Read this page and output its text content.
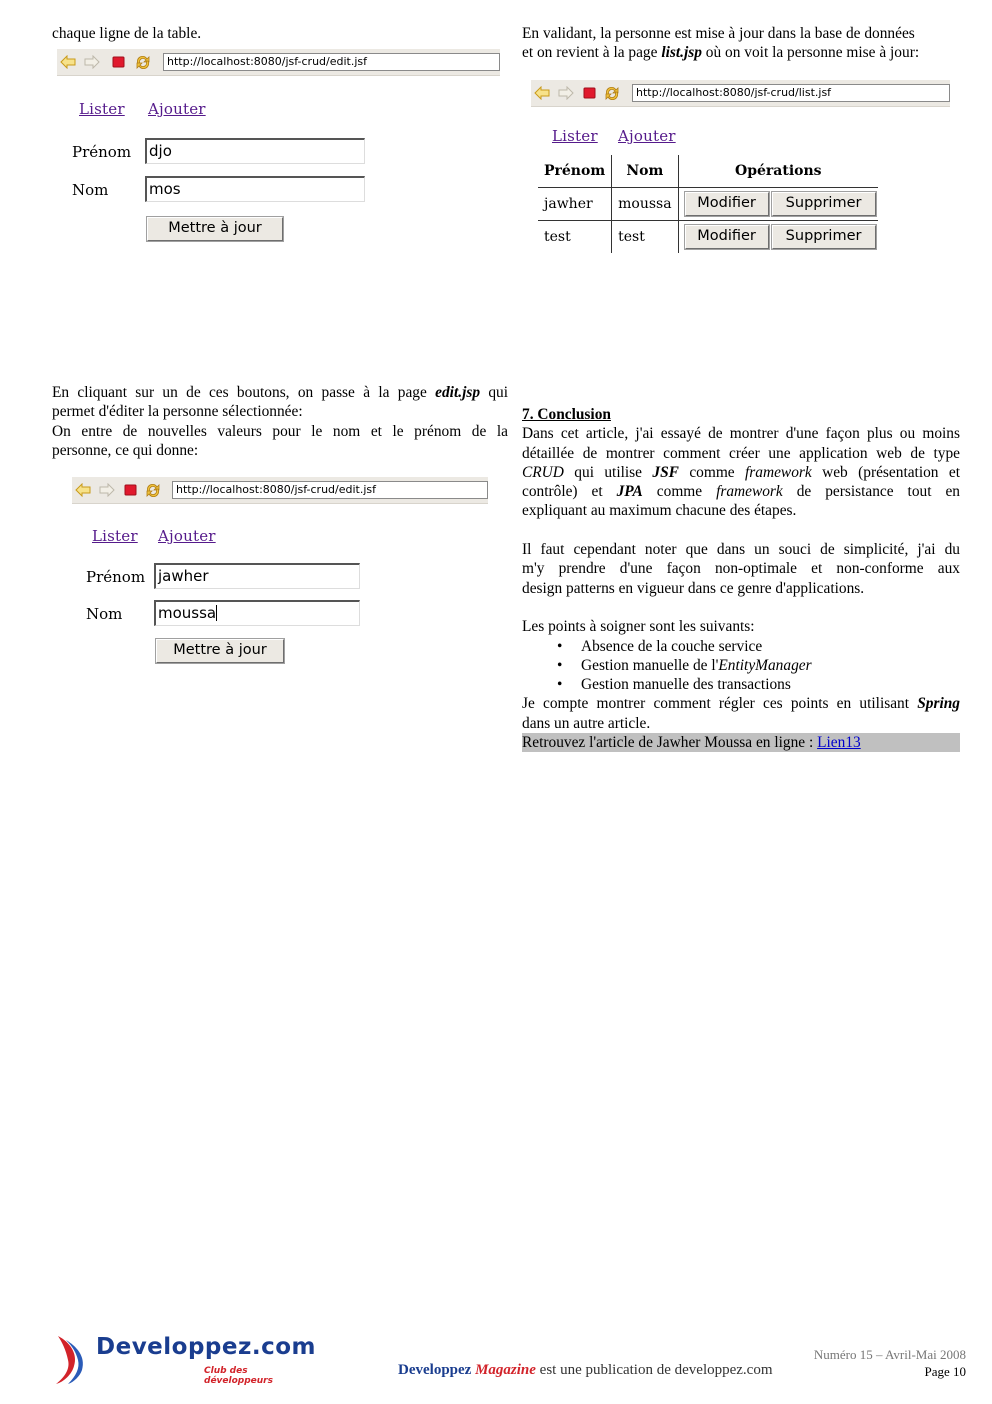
chaque ligne de la table.
http://localhost:8080/jsf-crud/edit.jsf
Lister Ajouter
Prénom djo
Nom	mos
Mettre à jour
En cliquant sur un de ces boutons, on passe à la page edit.jsp qui
permet d'éditer la personne sélectionnée:
On entre de nouvelles valeurs pour le nom et le prénom de la
personne, ce qui donne:
http://localhost:8080/jsf-crud/edit.jsf
Lister Ajouter
Prénom jawher
Nom moussa
Mettre à jour
En validant, la personne est mise à jour dans la base de données
et on revient à la page list.jsp où on voit la personne mise à jour:
http://localhost:8080/jsf-crud/list.jsf
Lister Ajouter
Prénom	Nom	Opérations
jawher	moussa	Modifier Supprimer

test	test	Modifier Supprimer
7. Conclusion
Dans cet article, j'ai essayé de montrer d'une façon plus ou moins
détaillée de montrer comment créer une application web de type
CRUD qui utilise JSF comme framework web (présentation et
contrôle) et JPA comme framework de persistance tout en
expliquant au maximum chacune des étapes.
Il faut cependant noter que dans un souci de simplicité, j'ai du
m'y prendre d'une façon non-optimale et non-conforme aux
design patterns en vigueur dans ce genre d'applications.
Les points à soigner sont les suivants:
• Absence de la couche service
• Gestion manuelle de l'EntityManager
• Gestion manuelle des transactions
Je compte montrer comment régler ces points en utilisant Spring
dans un autre article.
Retrouvez l'article de Jawher Moussa en ligne : Lien13
Developpez.com
Club des développeurs
Developpez Magazine est une publication de developpez.com
Numéro 15 – Avril-Mai 2008
Page 10
